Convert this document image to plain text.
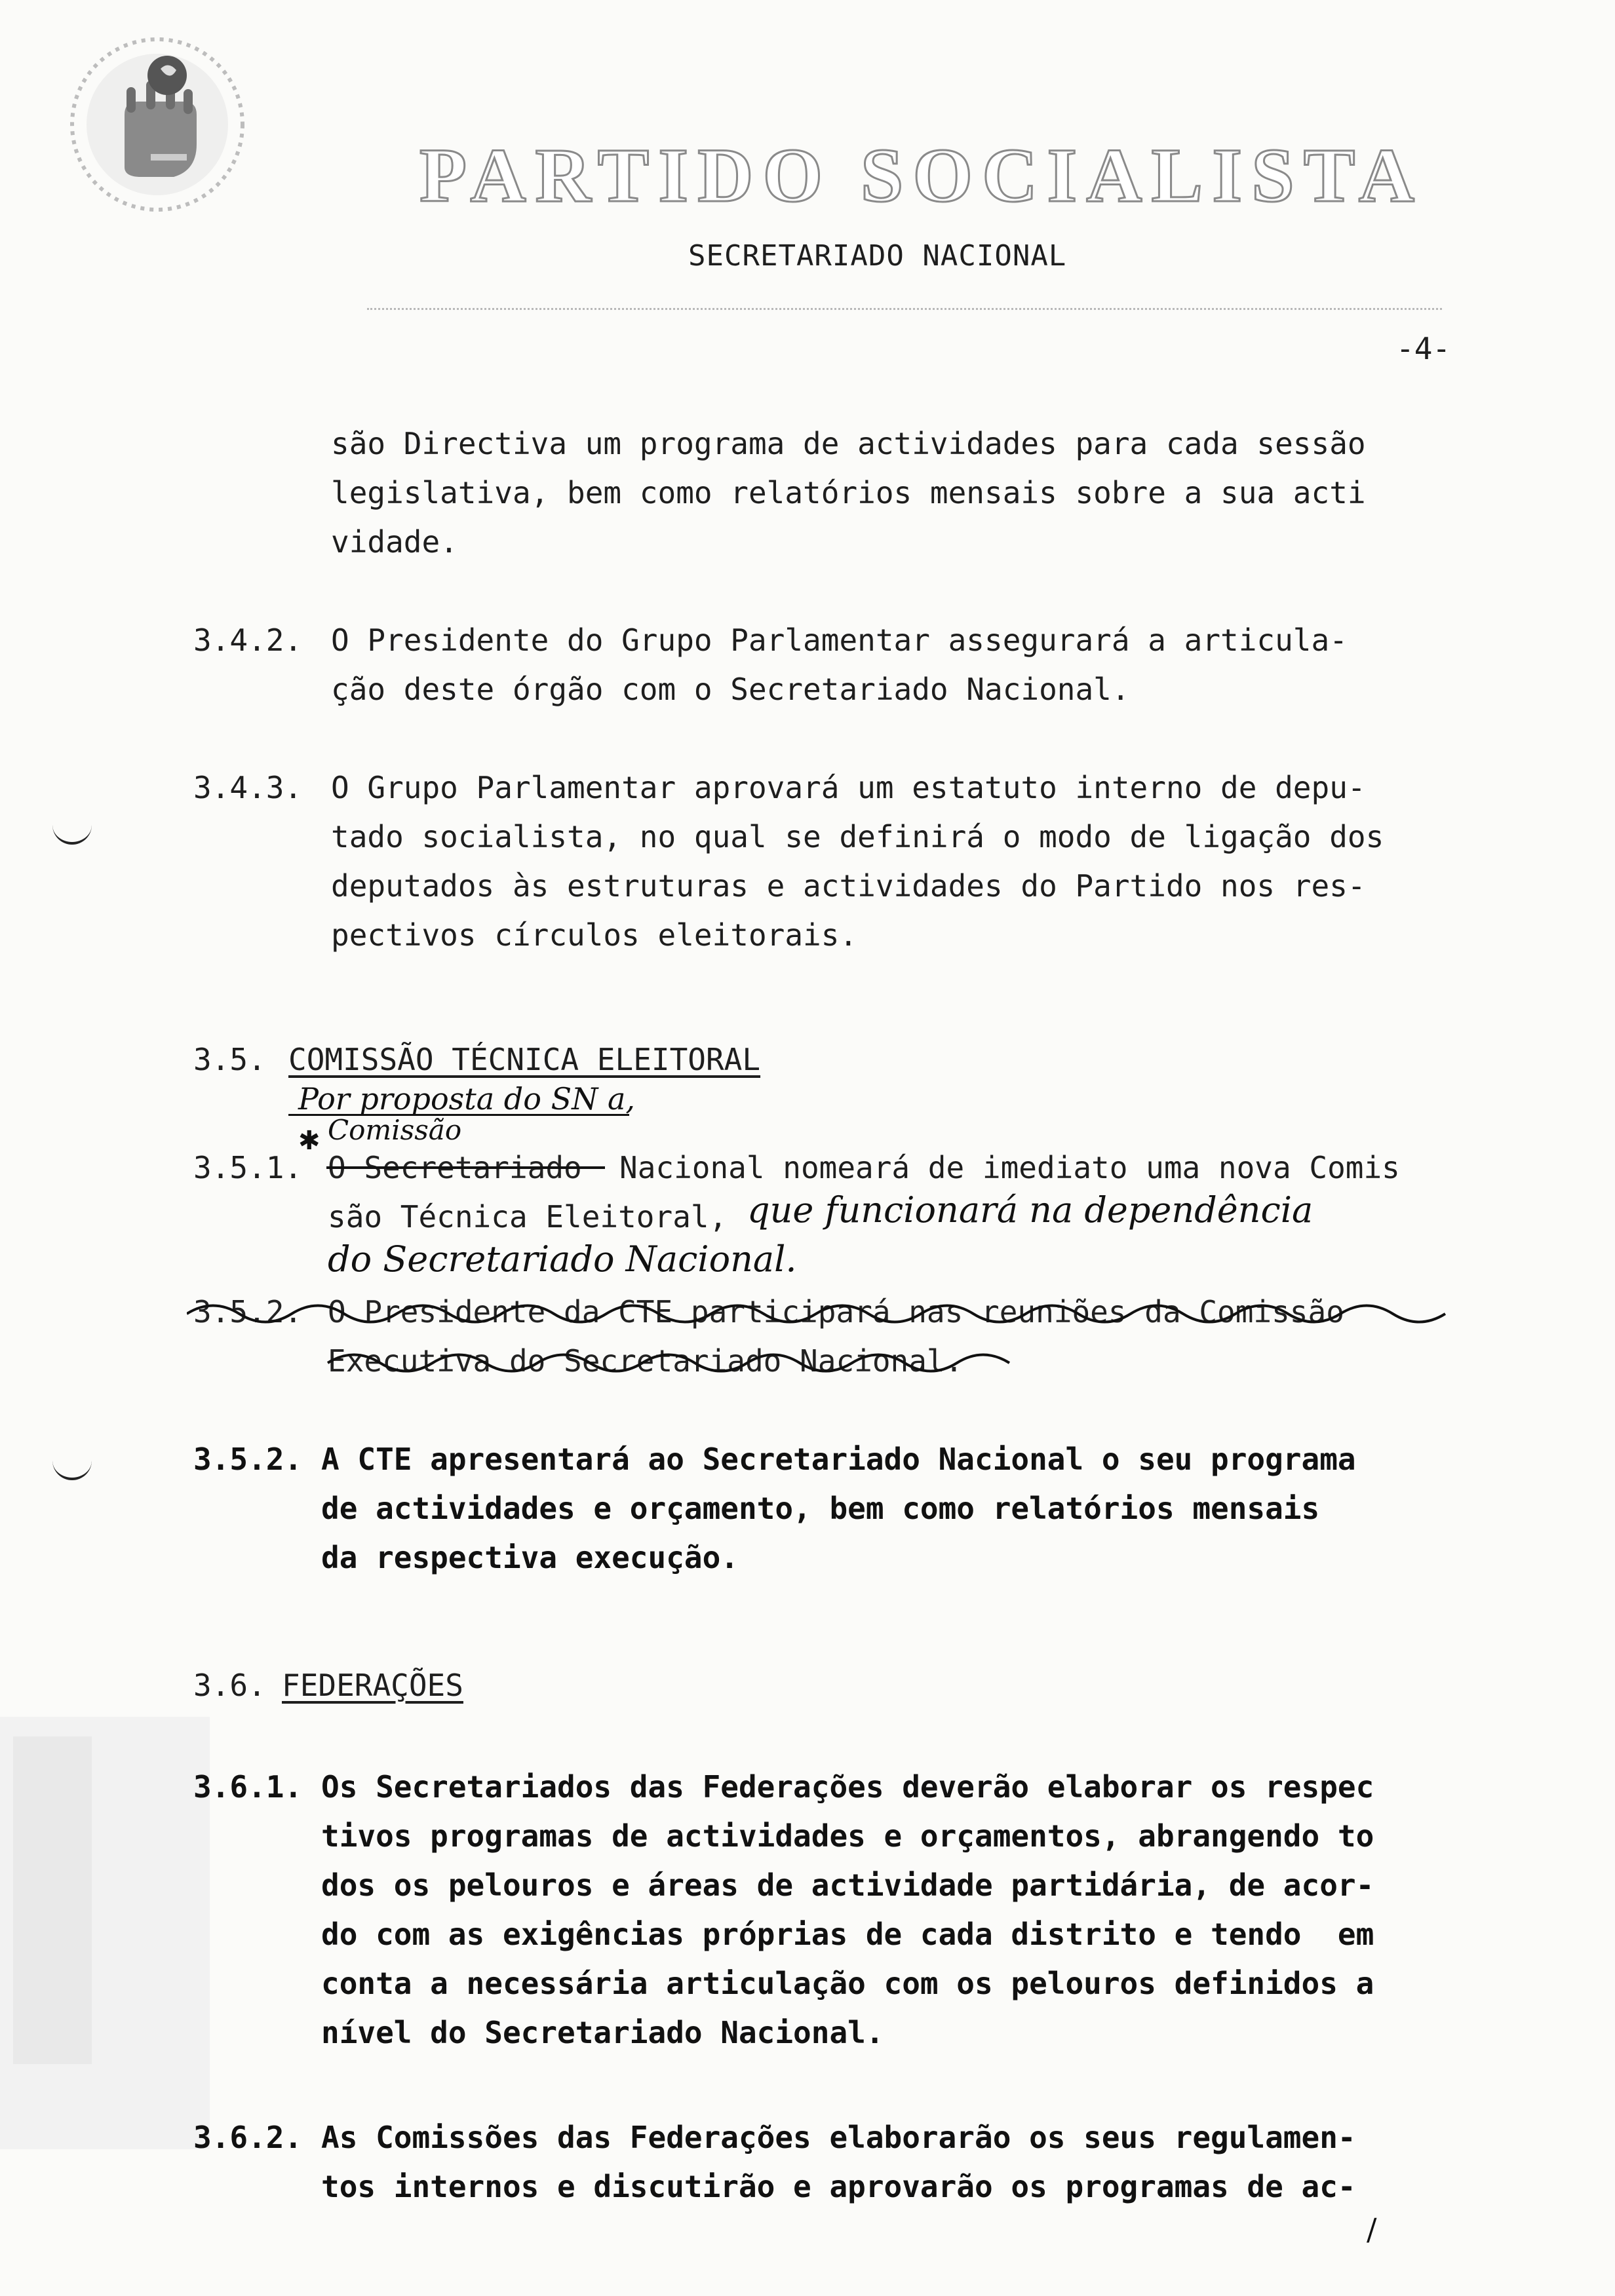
PARTIDO SOCIALISTA
SECRETARIADO NACIONAL
-4-
são Directiva um programa de actividades para cada sessão
legislativa, bem como relatórios mensais sobre a sua acti
vidade.
3.4.2. O Presidente do Grupo Parlamentar assegurará a articula-
ção deste órgão com o Secretariado Nacional.
3.4.3. O Grupo Parlamentar aprovará um estatuto interno de depu-
tado socialista, no qual se definirá o modo de ligação dos
deputados às estruturas e actividades do Partido nos res-
pectivos círculos eleitorais.
3.5. COMISSÃO TÉCNICA ELEITORAL
Por proposta do SN a,
Comissão
✱
3.5.1. O Secretariado Nacional nomeará de imediato uma nova Comis
são Técnica Eleitoral, que funcionará na dependência
do Secretariado Nacional.
3.5.2. O Presidente da CTE participará nas reuniões da Comissão
Executiva do Secretariado Nacional.
3.5.2. A CTE apresentará ao Secretariado Nacional o seu programa
de actividades e orçamento, bem como relatórios mensais
da respectiva execução.
3.6. FEDERAÇÕES
3.6.1. Os Secretariados das Federações deverão elaborar os respec
tivos programas de actividades e orçamentos, abrangendo to
dos os pelouros e áreas de actividade partidária, de acor-
do com as exigências próprias de cada distrito e tendo  em
conta a necessária articulação com os pelouros definidos a
nível do Secretariado Nacional.
3.6.2. As Comissões das Federações elaborarão os seus regulamen-
tos internos e discutirão e aprovarão os programas de ac-
/
